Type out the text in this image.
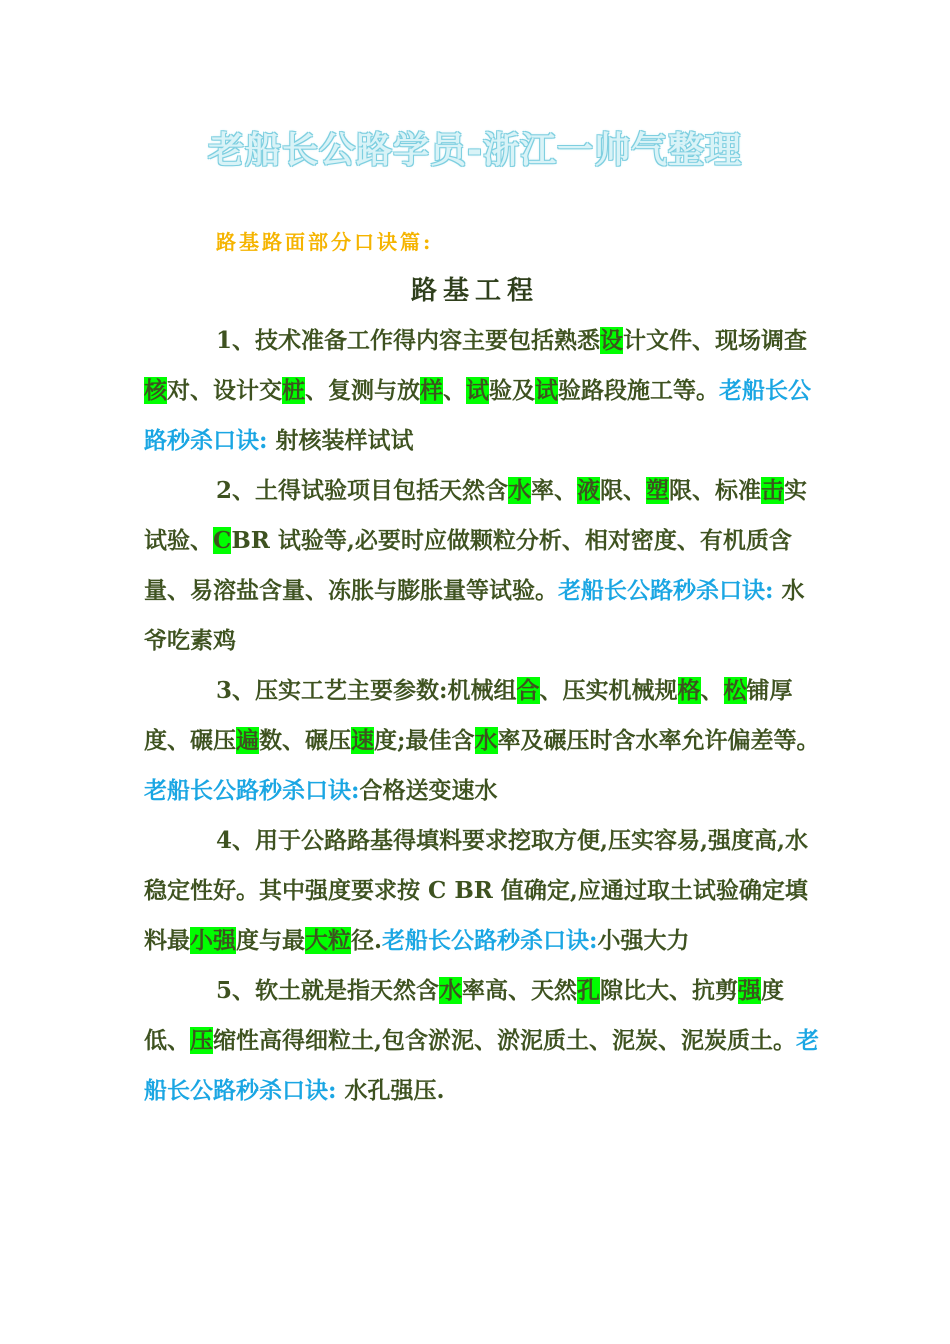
老船长公路学员-浙江一帅气整理
路基路面部分口诀篇:
路基工程

1、技术准备工作得内容主要包括熟悉设计文件、现场调查核对、设计交桩、复测与放样、试验及试验路段施工等。老船长公路秒杀口诀: 射核装样试试

2、土得试验项目包括天然含水率、液限、塑限、标准击实试验、CBR 试验等,必要时应做颗粒分析、相对密度、有机质含量、易溶盐含量、冻胀与膨胀量等试验。老船长公路秒杀口诀: 水爷吃素鸡

3、压实工艺主要参数:机械组合、压实机械规格、松铺厚度、碾压遍数、碾压速度;最佳含水率及碾压时含水率允许偏差等。老船长公路秒杀口诀:合格送变速水

4、用于公路路基得填料要求挖取方便,压实容易,强度高,水稳定性好。其中强度要求按 C BR 值确定,应通过取土试验确定填料最小强度与最大粒径.老船长公路秒杀口诀:小强大力

5、软土就是指天然含水率高、天然孔隙比大、抗剪强度低、压缩性高得细粒土,包含淤泥、淤泥质土、泥炭、泥炭质土。老船长公路秒杀口诀: 水孔强压.
